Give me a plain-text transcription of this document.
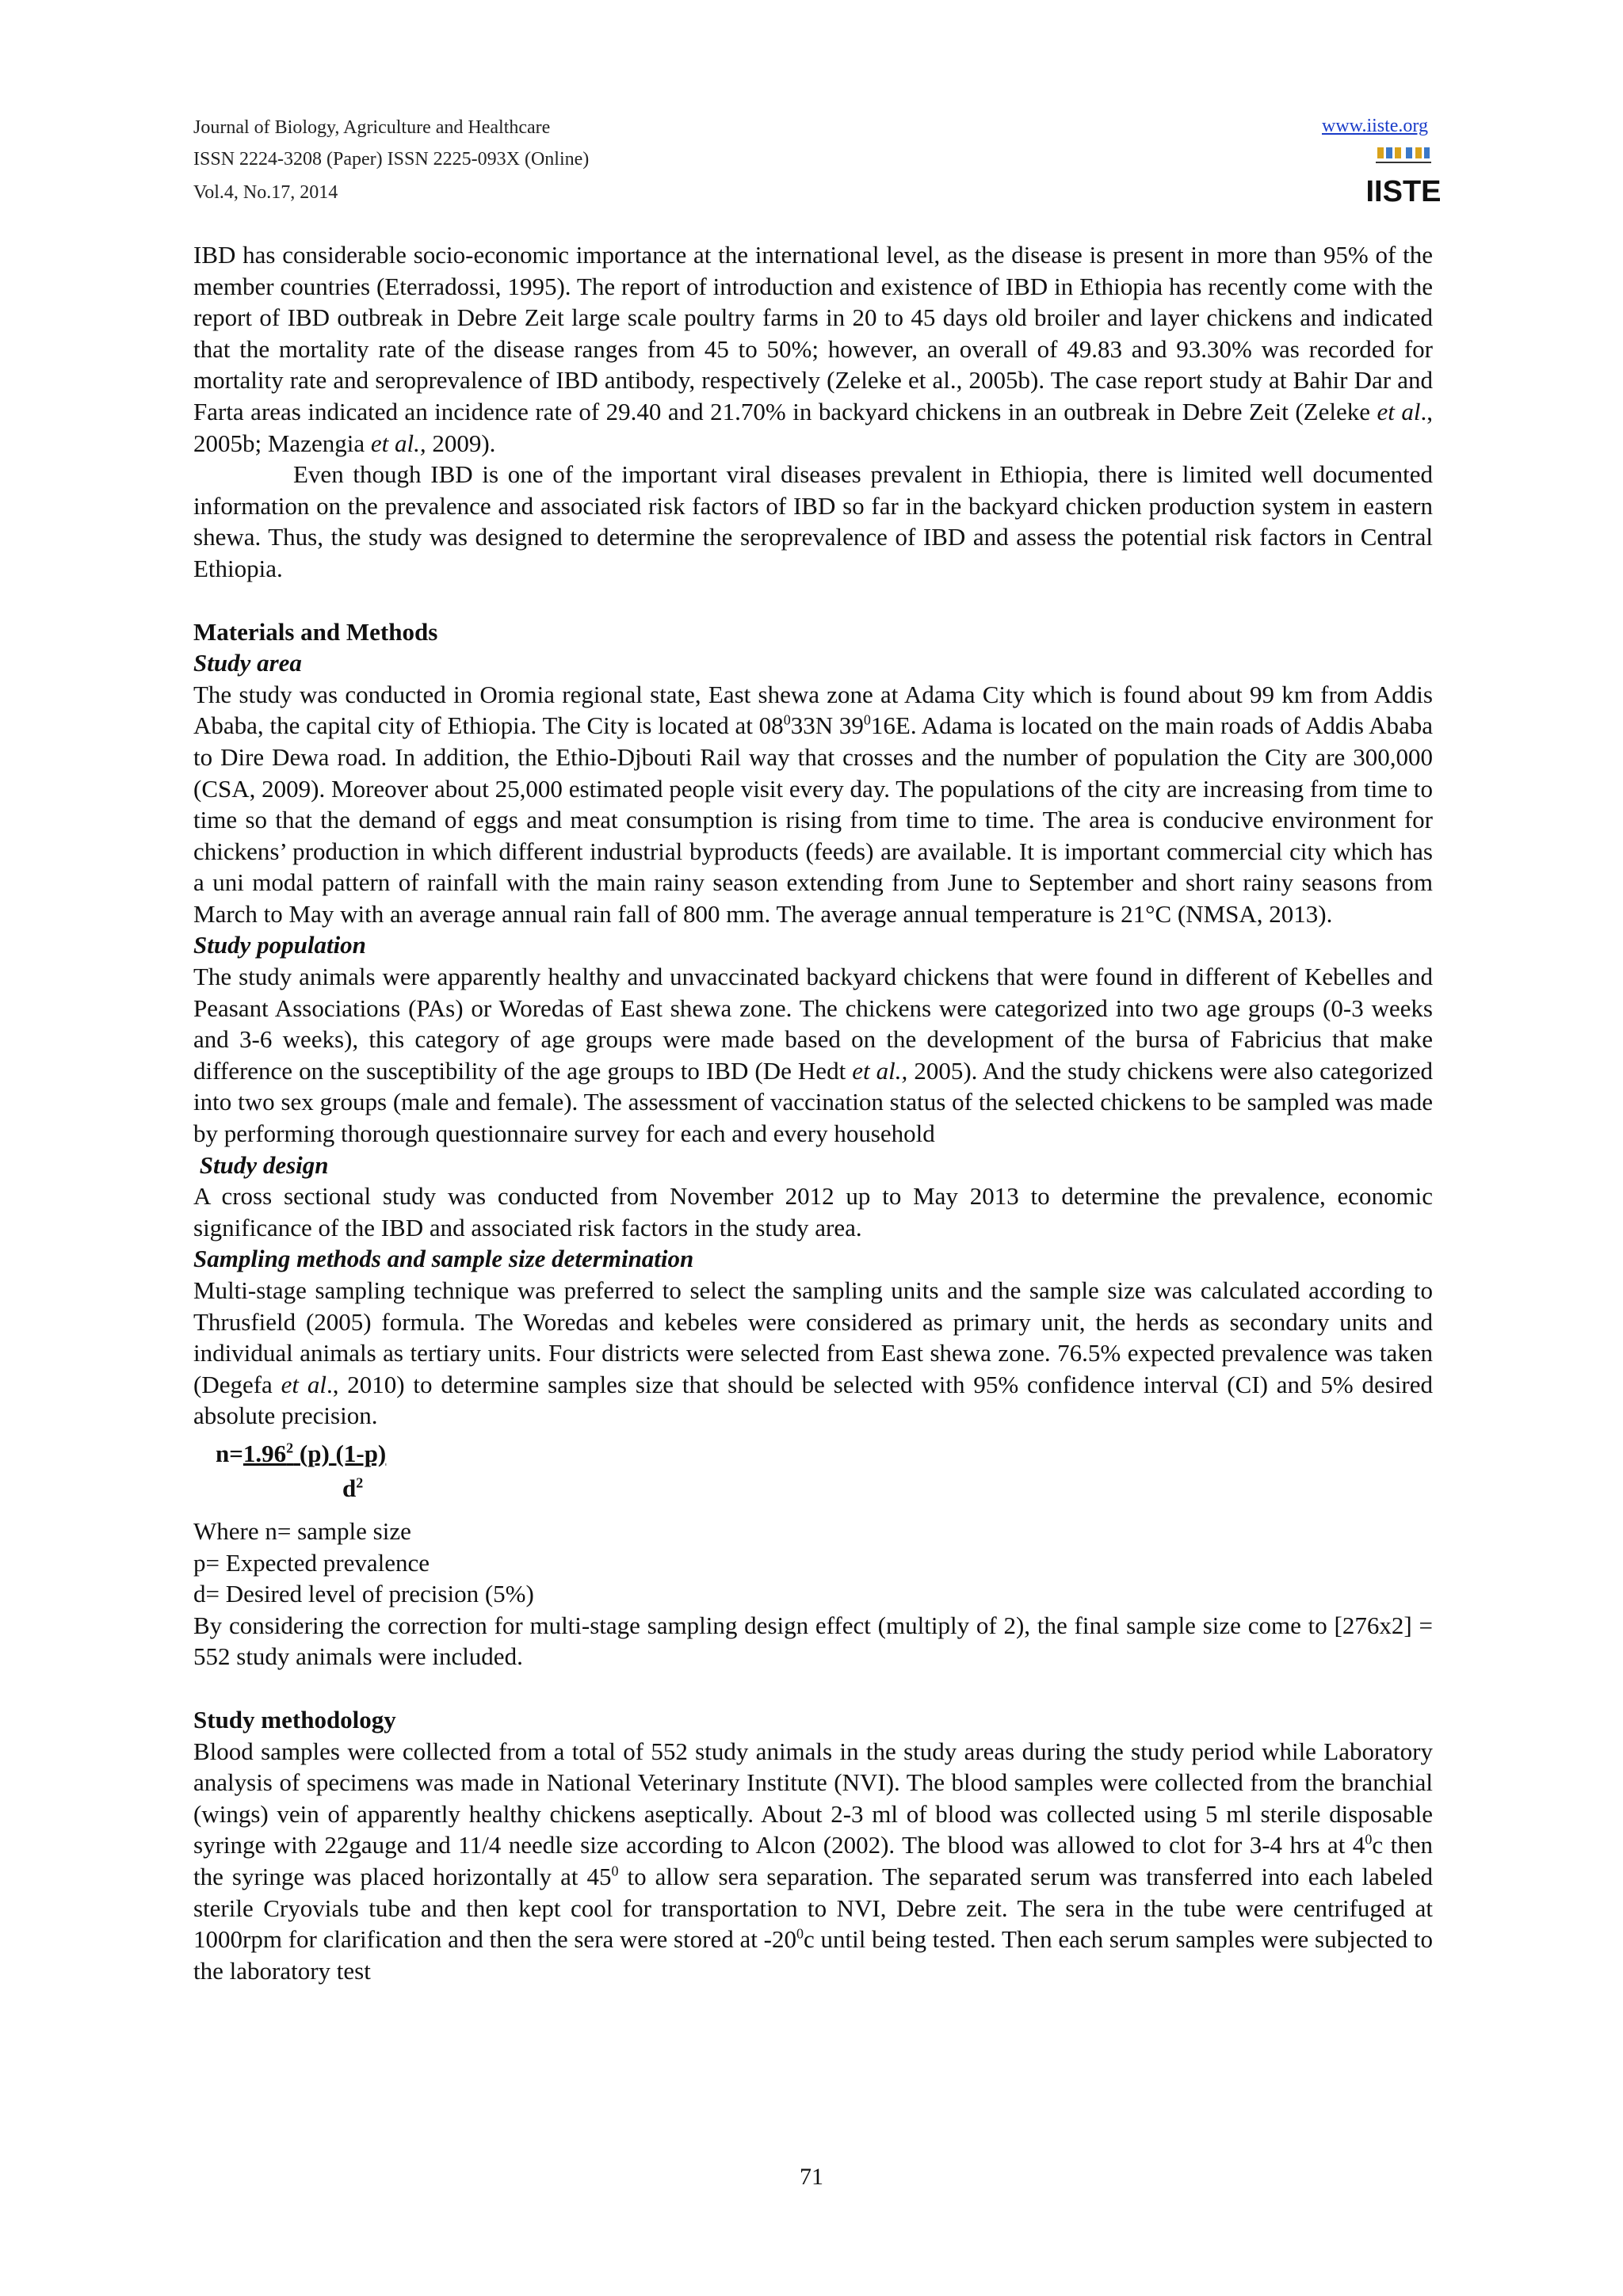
Journal of Biology, Agriculture and Healthcare
ISSN 2224-3208 (Paper) ISSN 2225-093X (Online)
Vol.4, No.17, 2014
www.iiste.org
IISTE

IBD has considerable socio-economic importance at the international level, as the disease is present in more than 95% of the member countries (Eterradossi, 1995). The report of introduction and existence of IBD in Ethiopia has recently come with the report of IBD outbreak in Debre Zeit large scale poultry farms in 20 to 45 days old broiler and layer chickens and indicated that the mortality rate of the disease ranges from 45 to 50%; however, an overall of 49.83 and 93.30% was recorded for mortality rate and seroprevalence of IBD antibody, respectively (Zeleke et al., 2005b). The case report study at Bahir Dar and Farta areas indicated an incidence rate of 29.40 and 21.70% in backyard chickens in an outbreak in Debre Zeit (Zeleke et al., 2005b; Mazengia et al., 2009).

Even though IBD is one of the important viral diseases prevalent in Ethiopia, there is limited well documented information on the prevalence and associated risk factors of IBD so far in the backyard chicken production system in eastern shewa. Thus, the study was designed to determine the seroprevalence of IBD and assess the potential risk factors in Central Ethiopia.

Materials and Methods

Study area

The study was conducted in Oromia regional state, East shewa zone at Adama City which is found about 99 km from Addis Ababa, the capital city of Ethiopia. The City is located at $08^033N$ $39^016E$. Adama is located on the main roads of Addis Ababa to Dire Dewa road. In addition, the Ethio-Djbouti Rail way that crosses and the number of population the City are 300,000 (CSA, 2009). Moreover about 25,000 estimated people visit every day. The populations of the city are increasing from time to time so that the demand of eggs and meat consumption is rising from time to time. The area is conducive environment for chickens’ production in which different industrial byproducts (feeds) are available. It is important commercial city which has a uni modal pattern of rainfall with the main rainy season extending from June to September and short rainy seasons from March to May with an average annual rain fall of 800 mm. The average annual temperature is 21°C (NMSA, 2013).

Study population

The study animals were apparently healthy and unvaccinated backyard chickens that were found in different of Kebelles and Peasant Associations (PAs) or Woredas of East shewa zone. The chickens were categorized into two age groups (0-3 weeks and 3-6 weeks), this category of age groups were made based on the development of the bursa of Fabricius that make difference on the susceptibility of the age groups to IBD (De Hedt et al., 2005). And the study chickens were also categorized into two sex groups (male and female). The assessment of vaccination status of the selected chickens to be sampled was made by performing thorough questionnaire survey for each and every household

Study design

A cross sectional study was conducted from November 2012 up to May 2013 to determine the prevalence, economic significance of the IBD and associated risk factors in the study area.

Sampling methods and sample size determination

Multi-stage sampling technique was preferred to select the sampling units and the sample size was calculated according to Thrusfield (2005) formula. The Woredas and kebeles were considered as primary unit, the herds as secondary units and individual animals as tertiary units. Four districts were selected from East shewa zone. 76.5% expected prevalence was taken (Degefa et al., 2010) to determine samples size that should be selected with 95% confidence interval (CI) and 5% desired absolute precision.

$n=1.96^2$ (p) (1-p)
$d^2$

Where n= sample size

p= Expected prevalence

d= Desired level of precision (5%)

By considering the correction for multi-stage sampling design effect (multiply of 2), the final sample size come to [276x2] = 552 study animals were included.

Study methodology

Blood samples were collected from a total of 552 study animals in the study areas during the study period while Laboratory analysis of specimens was made in National Veterinary Institute (NVI). The blood samples were collected from the branchial (wings) vein of apparently healthy chickens aseptically. About 2-3 ml of blood was collected using 5 ml sterile disposable syringe with 22gauge and 11/4 needle size according to Alcon (2002). The blood was allowed to clot for 3-4 hrs at $4^0c$ then the syringe was placed horizontally at $45^0$ to allow sera separation. The separated serum was transferred into each labeled sterile Cryovials tube and then kept cool for transportation to NVI, Debre zeit. The sera in the tube were centrifuged at 1000rpm for clarification and then the sera were stored at $-20^0c$ until being tested. Then each serum samples were subjected to the laboratory test

71
